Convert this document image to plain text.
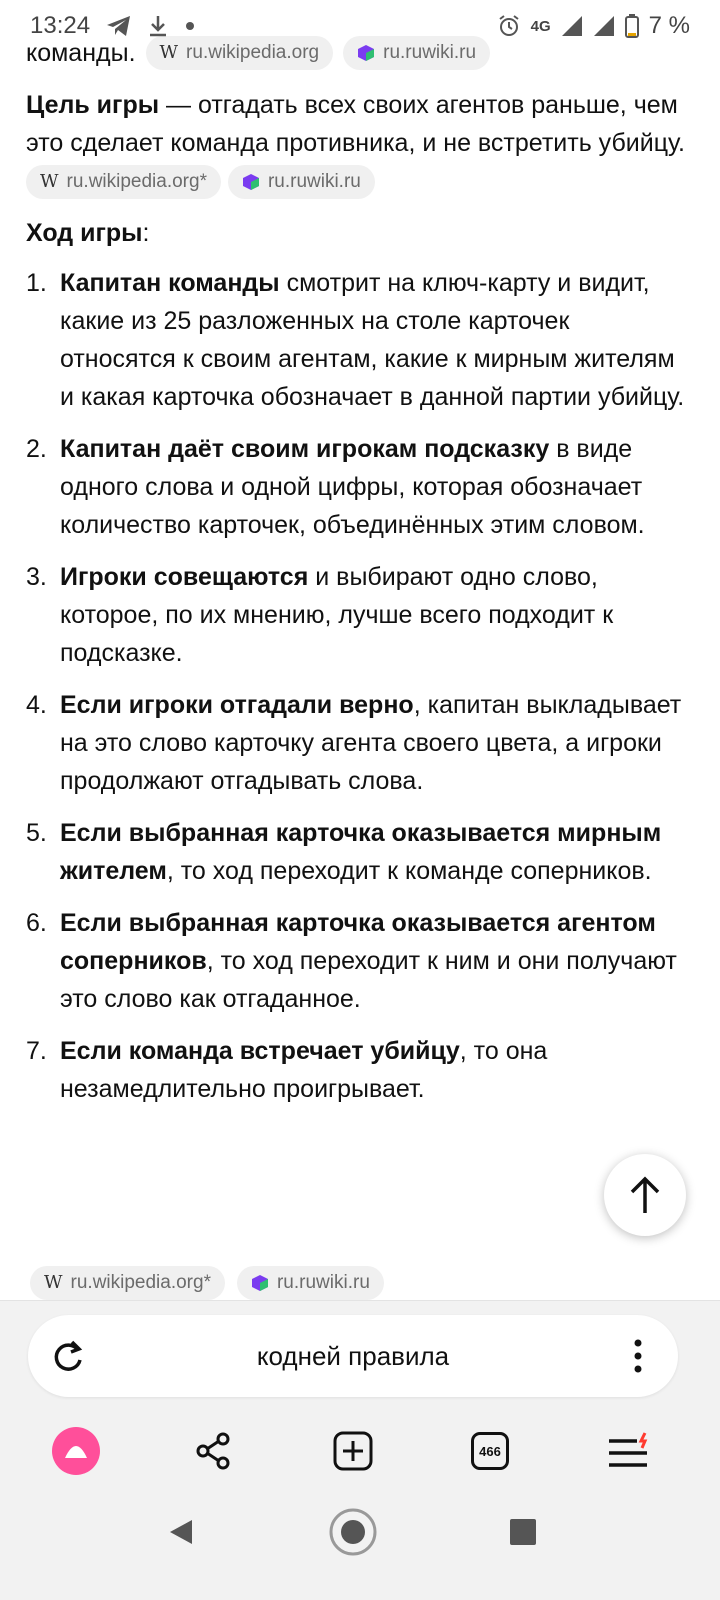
13:24	4G	7 %
команды. W ru.wikipedia.org	ru.ruwiki.ru
Цель игры — отгадать всех своих агентов раньше, чем это сделает команда противника, и не встретить убийцу.
W ru.wikipedia.org*
	ru.ruwiki.ru
Ход игры:
1. Капитан команды смотрит на ключ-карту и видит, какие из 25 разложенных на столе карточек относятся к своим агентам, какие к мирным жителям и какая карточка обозначает в данной партии убийцу.
2. Капитан даёт своим игрокам подсказку в виде одного слова и одной цифры, которая обозначает количество карточек, объединённых этим словом.
3. Игроки совещаются и выбирают одно слово, которое, по их мнению, лучше всего подходит к подсказке.
4. Если игроки отгадали верно, капитан выкладывает на это слово карточку агента своего цвета, а игроки продолжают отгадывать слова.
5. Если выбранная карточка оказывается мирным жителем, то ход переходит к команде соперников.
6. Если выбранная карточка оказывается агентом соперников, то ход переходит к ним и они получают это слово как отгаданное.
7. Если команда встречает убийцу, то она незамедлительно проигрывает.
W ru.wikipedia.org*	ru.ruwiki.ru
кодней правила
466
